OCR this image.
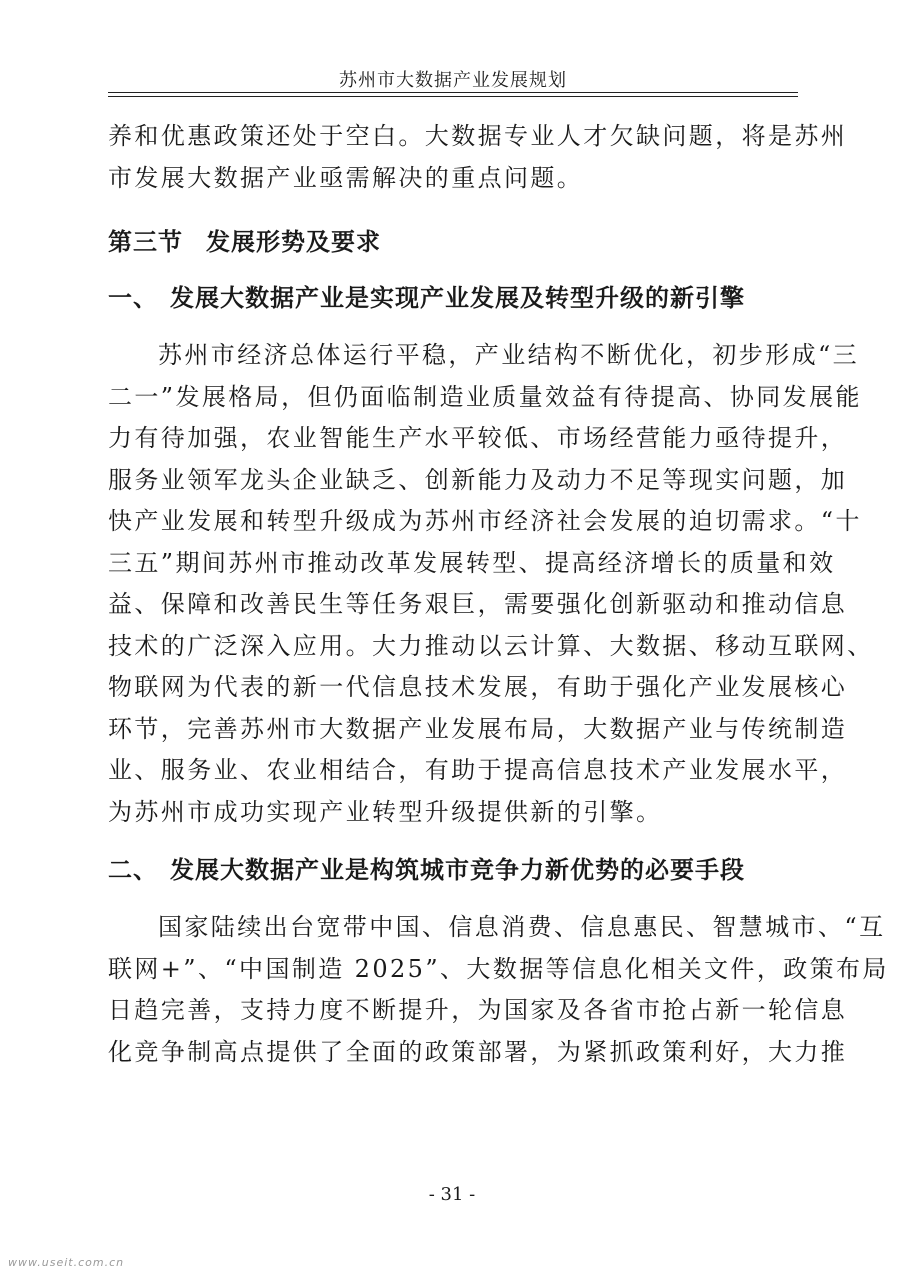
苏州市大数据产业发展规划

养和优惠政策还处于空白。大数据专业人才欠缺问题，将是苏州
市发展大数据产业亟需解决的重点问题。

第三节 发展形势及要求
一、 发展大数据产业是实现产业发展及转型升级的新引擎

苏州市经济总体运行平稳，产业结构不断优化，初步形成“三
二一”发展格局，但仍面临制造业质量效益有待提高、协同发展能
力有待加强，农业智能生产水平较低、市场经营能力亟待提升，
服务业领军龙头企业缺乏、创新能力及动力不足等现实问题，加
快产业发展和转型升级成为苏州市经济社会发展的迫切需求。“十
三五”期间苏州市推动改革发展转型、提高经济增长的质量和效
益、保障和改善民生等任务艰巨，需要强化创新驱动和推动信息
技术的广泛深入应用。大力推动以云计算、大数据、移动互联网、
物联网为代表的新一代信息技术发展，有助于强化产业发展核心
环节，完善苏州市大数据产业发展布局，大数据产业与传统制造
业、服务业、农业相结合，有助于提高信息技术产业发展水平，
为苏州市成功实现产业转型升级提供新的引擎。

二、 发展大数据产业是构筑城市竞争力新优势的必要手段

国家陆续出台宽带中国、信息消费、信息惠民、智慧城市、“互
联网+”、“中国制造 2025”、大数据等信息化相关文件，政策布局
日趋完善，支持力度不断提升，为国家及各省市抢占新一轮信息
化竞争制高点提供了全面的政策部署，为紧抓政策利好，大力推

- 31 -
www.useit.com.cn
